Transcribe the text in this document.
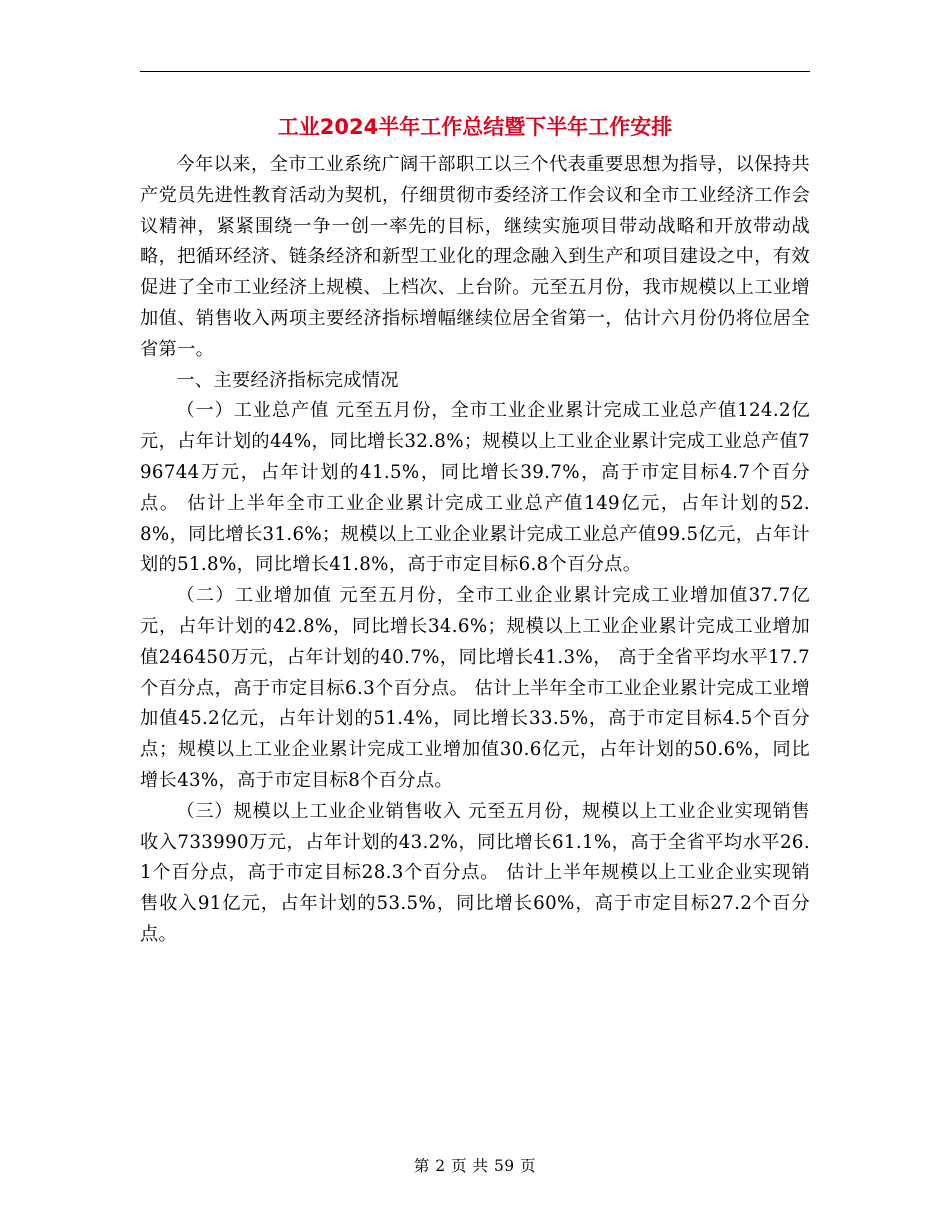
工业2024半年工作总结暨下半年工作安排

今年以来，全市工业系统广阔干部职工以三个代表重要思想为指导，以保持共产党员先进性教育活动为契机，仔细贯彻市委经济工作会议和全市工业经济工作会议精神，紧紧围绕一争一创一率先的目标，继续实施项目带动战略和开放带动战略，把循环经济、链条经济和新型工业化的理念融入到生产和项目建设之中，有效促进了全市工业经济上规模、上档次、上台阶。元至五月份，我市规模以上工业增加值、销售收入两项主要经济指标增幅继续位居全省第一，估计六月份仍将位居全省第一。

一、主要经济指标完成情况

（一）工业总产值 元至五月份，全市工业企业累计完成工业总产值124.2亿元，占年计划的44%，同比增长32.8%；规模以上工业企业累计完成工业总产值796744万元，占年计划的41.5%，同比增长39.7%，高于市定目标4.7个百分点。 估计上半年全市工业企业累计完成工业总产值149亿元，占年计划的52.8%，同比增长31.6%；规模以上工业企业累计完成工业总产值99.5亿元，占年计划的51.8%，同比增长41.8%，高于市定目标6.8个百分点。

（二）工业增加值 元至五月份，全市工业企业累计完成工业增加值37.7亿元，占年计划的42.8%，同比增长34.6%；规模以上工业企业累计完成工业增加值246450万元，占年计划的40.7%，同比增长41.3%， 高于全省平均水平17.7个百分点，高于市定目标6.3个百分点。 估计上半年全市工业企业累计完成工业增加值45.2亿元，占年计划的51.4%，同比增长33.5%，高于市定目标4.5个百分点；规模以上工业企业累计完成工业增加值30.6亿元，占年计划的50.6%，同比增长43%，高于市定目标8个百分点。

（三）规模以上工业企业销售收入 元至五月份，规模以上工业企业实现销售收入733990万元，占年计划的43.2%，同比增长61.1%，高于全省平均水平26.1个百分点，高于市定目标28.3个百分点。 估计上半年规模以上工业企业实现销售收入91亿元，占年计划的53.5%，同比增长60%，高于市定目标27.2个百分点。

第 2 页 共 59 页
